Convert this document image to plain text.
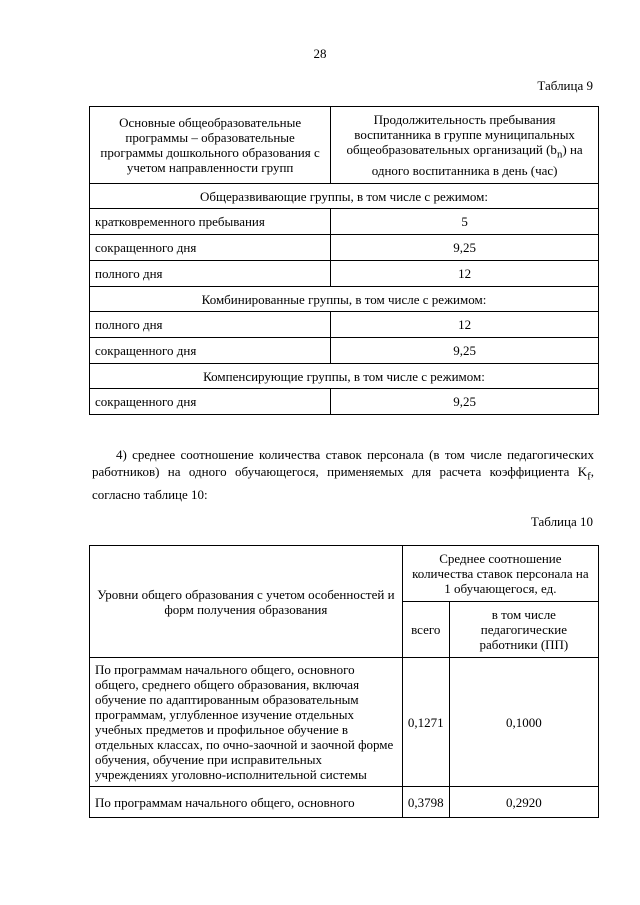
28
Таблица 9
Основные общеобразовательные программы – образовательные программы дошкольного образования с учетом направленности групп	Продолжительность пребывания воспитанника в группе муниципальных общеобразовательных организаций $(b_n)$ на одного воспитанника в день (час)
Общеразвивающие группы, в том числе с режимом:	
кратковременного пребывания	5
сокращенного дня	9,25
полного дня	12
Комбинированные группы, в том числе с режимом:	
полного дня	12
сокращенного дня	9,25
Компенсирующие группы, в том числе с режимом:	
сокращенного дня	9,25
4) среднее соотношение количества ставок персонала (в том числе педагогических работников) на одного обучающегося, применяемых для расчета коэффициента $K_f$, согласно таблице 10:
Таблица 10
Уровни общего образования с учетом особенностей и форм получения образования	Среднее соотношение количества ставок персонала на 1 обучающегося, ед.	
	всего	в том числе педагогические работники (ПП)
По программам начального общего, основного общего, среднего общего образования, включая обучение по адаптированным образовательным программам, углубленное изучение отдельных учебных предметов и профильное обучение в отдельных классах, по очно-заочной и заочной форме обучения, обучение при исправительных учреждениях уголовно-исполнительной системы	0,1271	0,1000
По программам начального общего, основного	0,3798	0,2920
